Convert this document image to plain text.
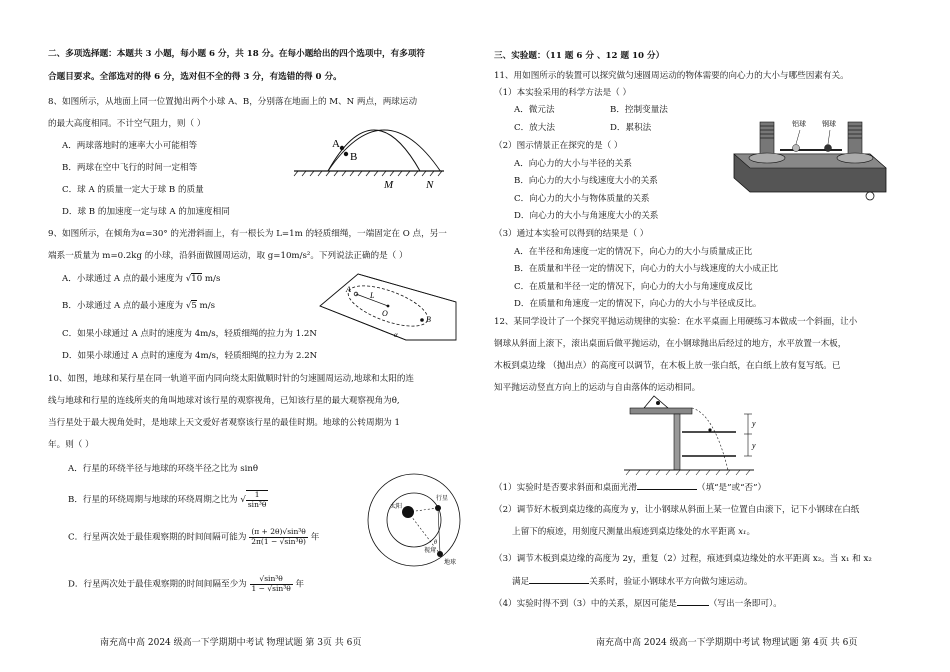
二、多项选择题：本题共 3 小题，每小题 6 分，共 18 分。在每小题给出的四个选项中，有多项符
合题目要求。全部选对的得 6 分，选对但不全的得 3 分，有选错的得 0 分。
8、如图所示，从地面上同一位置抛出两个小球 A、B，分别落在地面上的 M、N 两点，两球运动
的最大高度相同。不计空气阻力，则（ ）
A．两球落地时的速率大小可能相等
B．两球在空中飞行的时间一定相等
C．球 A 的质量一定大于球 B 的质量
D．球 B 的加速度一定与球 A 的加速度相同
A
B
M	N
9、如图所示，在倾角为α=30° 的光滑斜面上，有一根长为 L=1m 的轻质细绳，一端固定在 O 点，另一
端系一质量为 m=0.2kg 的小球，沿斜面做圆周运动，取 g=10m/s²。下列说法正确的是（ ）
A．小球通过 A 点的最小速度为 √10 m/s
B．小球通过 A 点的最小速度为 √5 m/s
C．如果小球通过 A 点时的速度为 4m/s，轻质细绳的拉力为 1.2N
D．如果小球通过 A 点时的速度为 4m/s，轻质细绳的拉力为 2.2N
A
L
O
B
α
10、如图，地球和某行星在同一轨道平面内同向绕太阳做顺时针的匀速圆周运动,地球和太阳的连
线与地球和行星的连线所夹的角叫地球对该行星的观察视角，已知该行星的最大观察视角为θ,
当行星处于最大视角处时，是地球上天文爱好者观察该行星的最佳时期。地球的公转周期为 1
年。则（ ）
A．行星的环绕半径与地球的环绕半径之比为 sinθ
B．行星的环绕周期与地球的环绕周期之比为 √ $\frac{1}{\text{sin³θ}}$
C．行星两次处于最佳观察期的时间间隔可能为 $\frac{\text{(π + 2θ)√sin³θ}}{\text{2π(1 − √sin³θ)}}$ 年
D．行星两次处于最佳观察期的时间间隔至少为 $\frac{\text{√sin³θ}}{\text{1 − √sin³θ}}$ 年
太阳
行星
视角
地球
θ
三、实验题：（11 题 6 分 、12 题 10 分）
11、用如图所示的装置可以探究做匀速圆周运动的物体需要的向心力的大小与哪些因素有关。
（1）本实验采用的科学方法是（ ）
A．微元法	B．控制变量法
C．放大法	D．累积法
（2）图示情景正在探究的是（ ）
A．向心力的大小与半径的关系
B．向心力的大小与线速度大小的关系
C．向心力的大小与物体质量的关系
D．向心力的大小与角速度大小的关系
（3）通过本实验可以得到的结果是（ ）
A．在半径和角速度一定的情况下，向心力的大小与质量成正比
B．在质量和半径一定的情况下，向心力的大小与线速度的大小成正比
C．在质量和半径一定的情况下，向心力的大小与角速度成反比
D．在质量和角速度一定的情况下，向心力的大小与半径成反比。
铝球 钢球
12、某同学设计了一个探究平抛运动规律的实验：在水平桌面上用硬练习本做成一个斜面，让小
钢球从斜面上滚下，滚出桌面后做平抛运动，在小钢球抛出后经过的地方，水平放置一木板，
木板到桌边缘 （抛出点）的高度可以调节，在木板上放一张白纸，在白纸上放有复写纸。已
知平抛运动竖直方向上的运动与自由落体的运动相同。
y
y
（1）实验时是否要求斜面和桌面光滑	（填“是”或“否”）
（2）调节好木板到桌边缘的高度为 y，让小钢球从斜面上某一位置自由滚下，记下小钢球在白纸
上留下的痕迹，用刻度尺测量出痕迹到桌边缘处的水平距离 x₁。
（3）调节木板到桌边缘的高度为 2y，重复（2）过程，痕迹到桌边缘处的水平距离 x₂。当 x₁ 和 x₂
满足	关系时，验证小钢球水平方向做匀速运动。
（4）实验时得不到（3）中的关系，原因可能是	（写出一条即可）。
南充高中高 2024 级高一下学期期中考试 物理试题 第 3页 共 6页	南充高中高 2024 级高一下学期期中考试 物理试题 第 4页 共 6页
